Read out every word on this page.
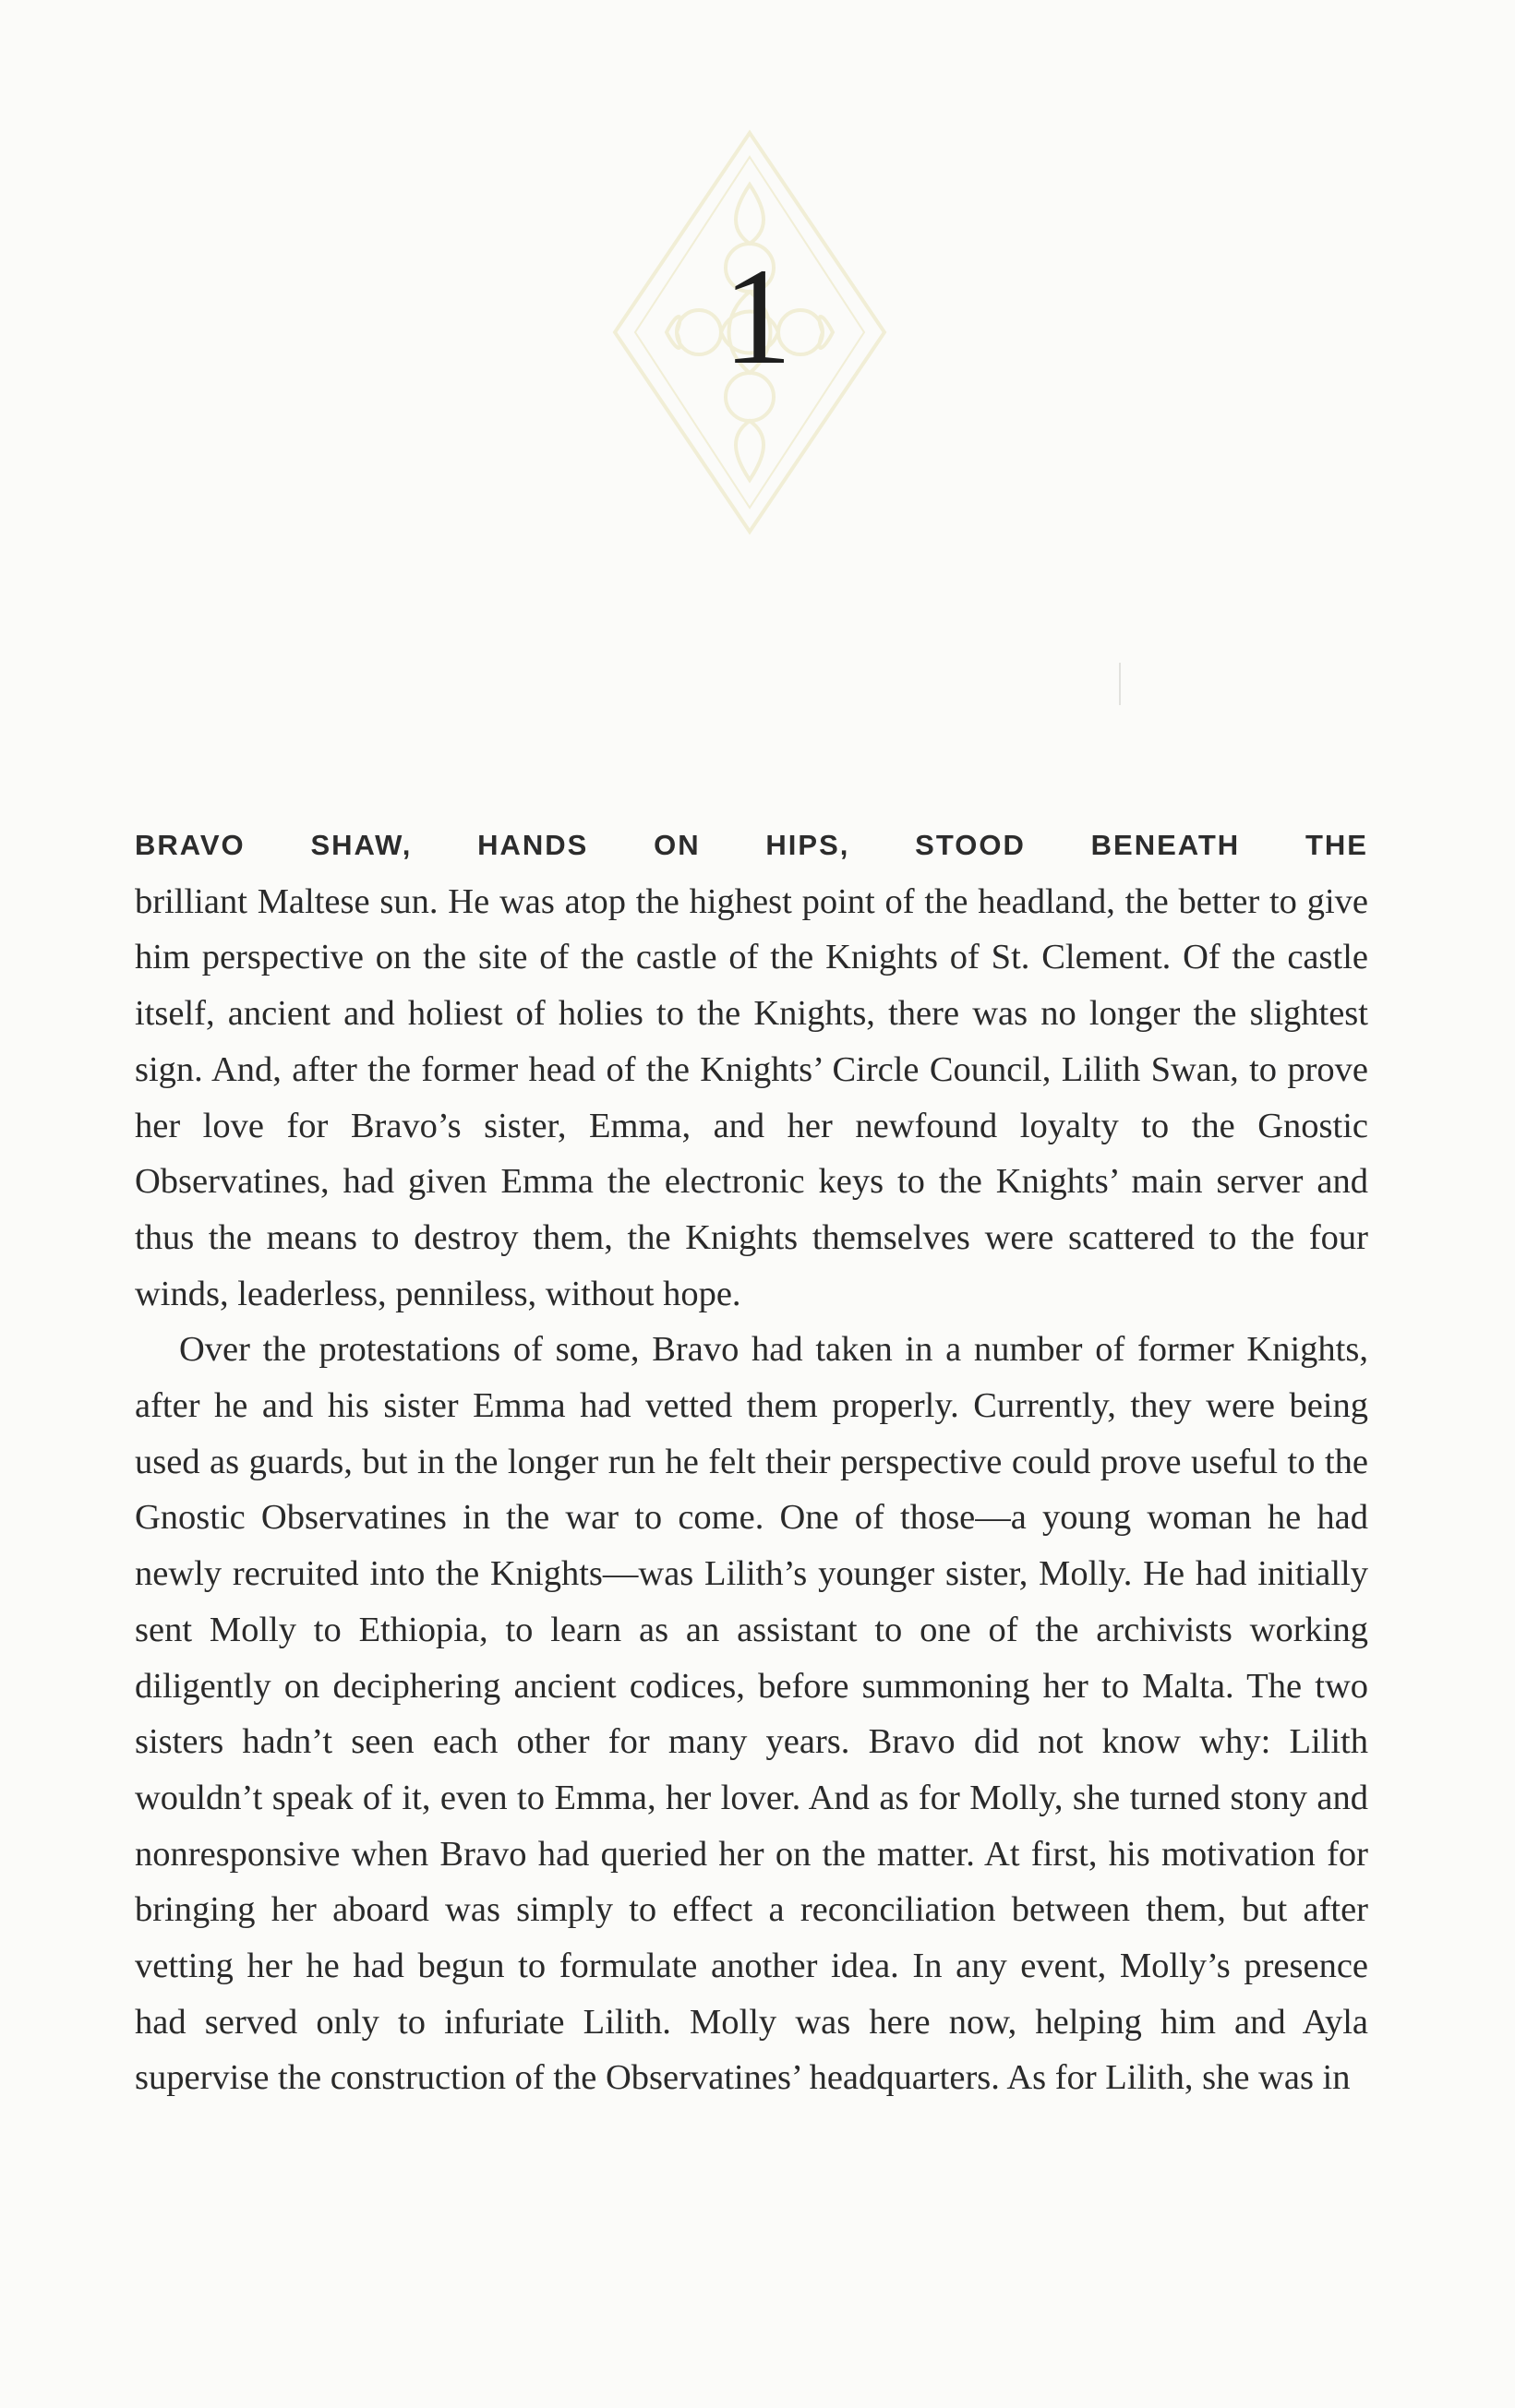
1
BRAVO SHAW, HANDS ON HIPS, STOOD BENEATH THE

brilliant Maltese sun. He was atop the highest point of the headland, the better to give him perspective on the site of the castle of the Knights of St. Clement. Of the castle itself, ancient and holiest of holies to the Knights, there was no longer the slightest sign. And, after the former head of the Knights’ Circle Council, Lilith Swan, to prove her love for Bravo’s sister, Emma, and her newfound loyalty to the Gnostic Observatines, had given Emma the electronic keys to the Knights’ main server and thus the means to destroy them, the Knights themselves were scattered to the four winds, leaderless, penniless, without hope.

Over the protestations of some, Bravo had taken in a number of former Knights, after he and his sister Emma had vetted them properly. Currently, they were being used as guards, but in the longer run he felt their perspective could prove useful to the Gnostic Observatines in the war to come. One of those—a young woman he had newly recruited into the Knights—was Lilith’s younger sister, Molly. He had initially sent Molly to Ethiopia, to learn as an assistant to one of the archivists working diligently on deciphering ancient codices, before summoning her to Malta. The two sisters hadn’t seen each other for many years. Bravo did not know why: Lilith wouldn’t speak of it, even to Emma, her lover. And as for Molly, she turned stony and nonresponsive when Bravo had queried her on the matter. At first, his motivation for bringing her aboard was simply to effect a reconciliation between them, but after vetting her he had begun to formulate another idea. In any event, Molly’s presence had served only to infuriate Lilith. Molly was here now, helping him and Ayla supervise the construction of the Observatines’ headquarters. As for Lilith, she was in
